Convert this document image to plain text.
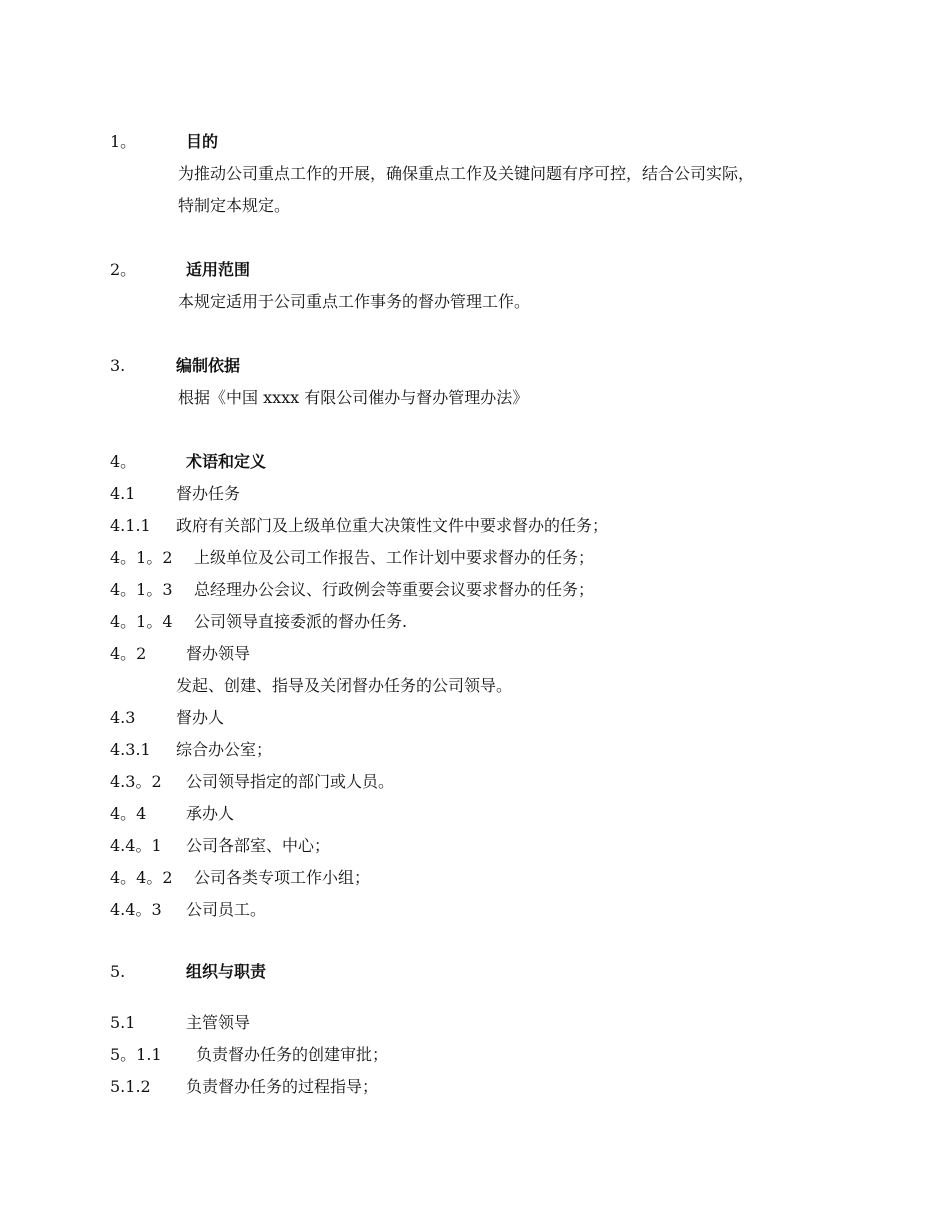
1。	目的
为推动公司重点工作的开展，确保重点工作及关键问题有序可控，结合公司实际，
特制定本规定。
2。	适用范围
本规定适用于公司重点工作事务的督办管理工作。
3.	编制依据
根据《中国 xxxx 有限公司催办与督办管理办法》
4。	术语和定义
4.1	督办任务
4.1.1 政府有关部门及上级单位重大决策性文件中要求督办的任务；
4。1。2 上级单位及公司工作报告、工作计划中要求督办的任务；
4。1。3 总经理办公会议、行政例会等重要会议要求督办的任务；
4。1。4 公司领导直接委派的督办任务.
4。2 督办领导
发起、创建、指导及关闭督办任务的公司领导。
4.3	督办人
4.3.1 综合办公室；
4.3。2 公司领导指定的部门或人员。
4。4 承办人
4.4。1 公司各部室、中心；
4。4。2 公司各类专项工作小组；
4.4。3 公司员工。
5.	组织与职责
5.1	主管领导
5。1.1 负责督办任务的创建审批；
5.1.2 负责督办任务的过程指导；
